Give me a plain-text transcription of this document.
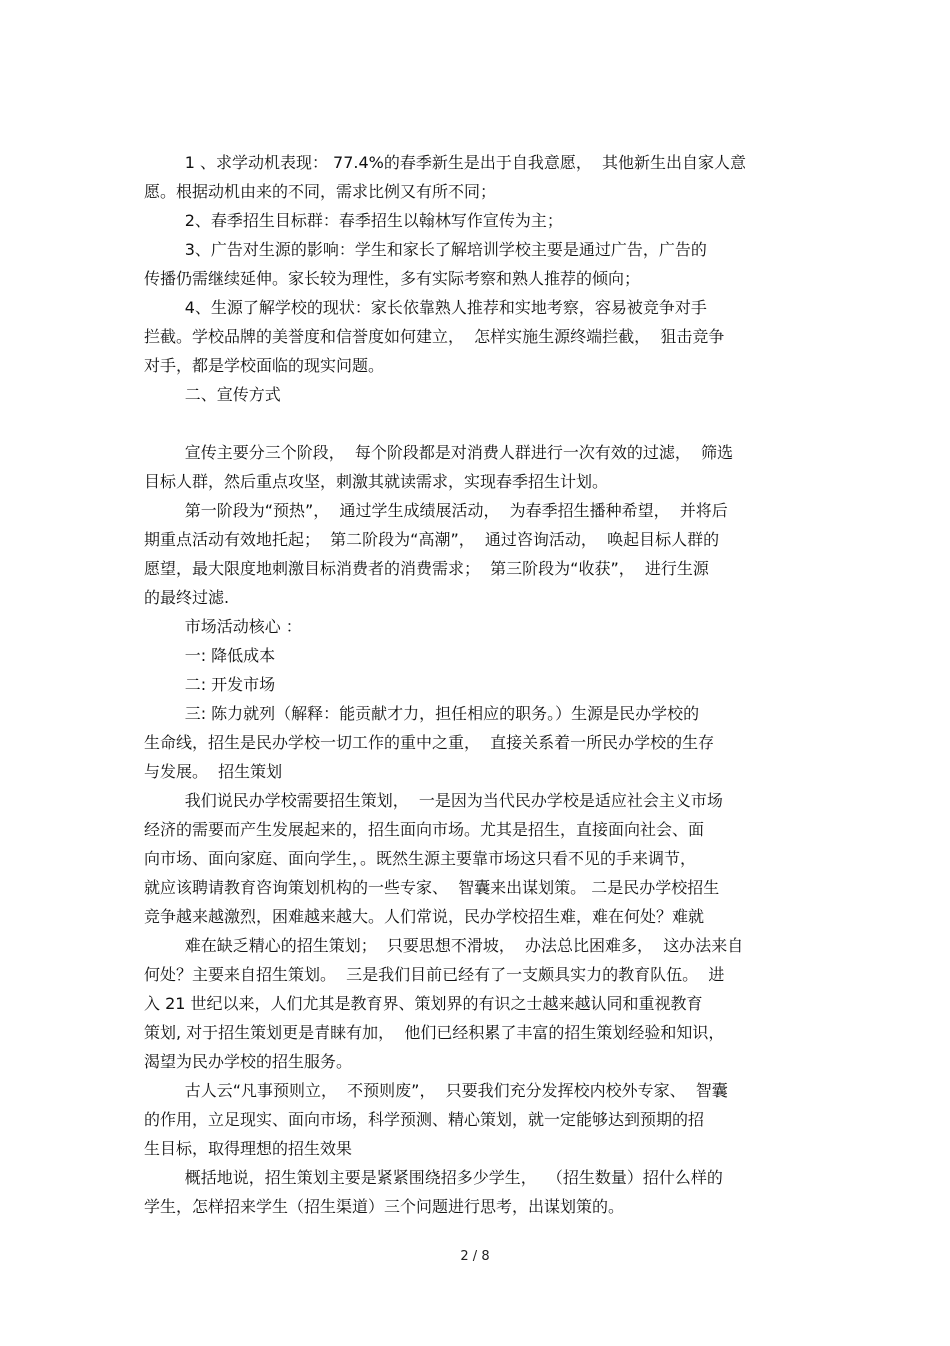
1 、求学动机表现： 77.4%的春季新生是出于自我意愿，  其他新生出自家人意
愿。根据动机由来的不同，需求比例又有所不同；
2、春季招生目标群：春季招生以翰林写作宣传为主；
3、广告对生源的影响：学生和家长了解培训学校主要是通过广告，广告的
传播仍需继续延伸。家长较为理性，多有实际考察和熟人推荐的倾向；
4、生源了解学校的现状：家长依靠熟人推荐和实地考察，容易被竞争对手
拦截。学校品牌的美誉度和信誉度如何建立，  怎样实施生源终端拦截，  狙击竞争
对手，都是学校面临的现实问题。
二、宣传方式
宣传主要分三个阶段，  每个阶段都是对消费人群进行一次有效的过滤，  筛选
目标人群，然后重点攻坚，刺激其就读需求，实现春季招生计划。
第一阶段为“预热”，  通过学生成绩展活动，  为春季招生播种希望，  并将后
期重点活动有效地托起；  第二阶段为“高潮”，  通过咨询活动，  唤起目标人群的
愿望，最大限度地刺激目标消费者的消费需求；  第三阶段为“收获”，  进行生源
的最终过滤.
市场活动核心 ：
一: 降低成本
二: 开发市场
三: 陈力就列（解释：能贡献才力，担任相应的职务。）生源是民办学校的
生命线，招生是民办学校一切工作的重中之重，  直接关系着一所民办学校的生存
与发展。  招生策划
我们说民办学校需要招生策划，  一是因为当代民办学校是适应社会主义市场
经济的需要而产生发展起来的，招生面向市场。尤其是招生，直接面向社会、面
向市场、面向家庭、面向学生，。既然生源主要靠市场这只看不见的手来调节，
就应该聘请教育咨询策划机构的一些专家、  智囊来出谋划策。 二是民办学校招生
竞争越来越激烈，困难越来越大。人们常说，民办学校招生难，难在何处？难就
难在缺乏精心的招生策划；  只要思想不滑坡，  办法总比困难多，  这办法来自
何处？主要来自招生策划。  三是我们目前已经有了一支颇具实力的教育队伍。  进
入 21 世纪以来，人们尤其是教育界、策划界的有识之士越来越认同和重视教育
策划, 对于招生策划更是青睐有加，  他们已经积累了丰富的招生策划经验和知识，
渴望为民办学校的招生服务。
古人云“凡事预则立，  不预则废”，  只要我们充分发挥校内校外专家、  智囊
的作用，立足现实、面向市场，科学预测、精心策划，就一定能够达到预期的招
生目标，取得理想的招生效果
概括地说，招生策划主要是紧紧围绕招多少学生，  （招生数量）招什么样的
学生，怎样招来学生（招生渠道）三个问题进行思考，出谋划策的。
2 / 8
